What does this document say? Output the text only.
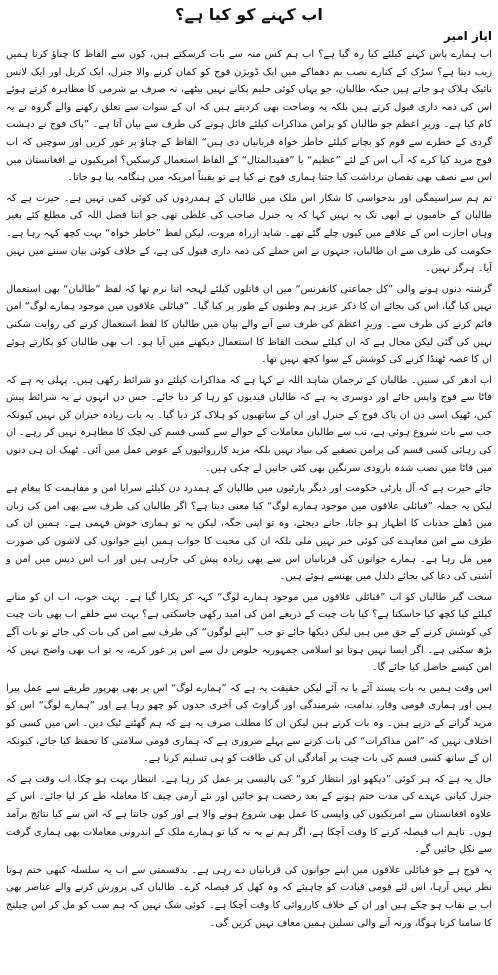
اب کہنے کو کیا ہے؟
ایاز امیر

اب ہمارے پاس کہنے کیلئے کیا رہ گیا ہے؟ اب ہم کس منہ سے بات کرسکتے ہیں، کون سے الفاظ کا چناؤ کرنا ہمیں زیب دیتا ہے؟ سڑک کے کنارے نصب بم دھماکے میں ایک ڈویژن فوج کو کمان کرنے والا جنرل، ایک کرنل اور ایک لانس نائیک ہلاک ہو جاتے ہیں جبکہ طالبان، جو یہاں کوئی حلیم پکانے نہیں بیٹھے، نہ صرف بے شرمی کا مظاہرہ کرتے ہوئے اس کی ذمہ داری قبول کرتے ہیں بلکہ یہ وضاحت بھی کردیتے ہیں کہ ان کے سوات سے تعلق رکھنے والے گروہ نے یہ کام کیا ہے۔ وزیرِ اعظم جو طالبان کو پرامن مذاکرات کیلئے قائل ہونے کی طرف سے بیان آتا ہے۔ ”پاک فوج نے دہشت گردی کے خطرے سے قوم کو بچانے کیلئے خاطر خواہ قربانیاں دی ہیں“ الفاظ کے چناؤ پر غور کریں اور سوچیں کہ اب فوج مزید کیا کرے کہ آپ اس کے لئے ”عظیم“ یا ”فقیدالمثال“ کے الفاظ استعمال کرسکیں؟ امریکیوں نے افغانستان میں اس سے نصف بھی نقصان برداشت کیا جتنا ہماری فوج نے کیا ہے تو یقیناً امریکہ میں ہنگامہ بپا ہو جاتا۔

تم ہم سراسیمگی اور بدحواسی کا شکار اس ملک میں طالبان کے ہمدردوں کی کوئی کمی نہیں ہے۔ حیرت ہے کہ طالبان کے حامیوں نے ابھی تک یہ نہیں کہا کہ یہ جنرل صاحب کی غلطی تھی جو اتنا فضل اللہ کی مطلع کئے بغیر وہاں اجازت اس کے علاقے میں کیوں چلے گئے تھے۔ شاید ازراہ مروت، لیکن لفظ ”خاطر خواہ“ بہت کچھ کہہ رہا ہے۔ حکومت کی طرف سے ان طالبان، جنہوں نے اس حملے کی ذمہ داری قبول کی ہے، کے خلاف کوئی بیان سننے میں نہیں آیا۔ ہرگز نہیں۔

گزشتہ دنوں ہونے والی ”کل جماعتی کانفرنس“ میں ان قاتلوں کیلئے لہجہ اتنا نرم تھا کہ لفظ ”طالبان“ بھی استعمال نہیں کیا گیا، اس کی بجائے ان کا ذکر عزیز ہم وطنوں کے طور پر کیا گیا۔ ”قبائلی علاقوں میں موجود ہمارے لوگ“ امن قائم کرنے کی طرف سے۔ وزیرِ اعظم کی طرف سے آنے والے بیان میں طالبان کا لفظ استعمال کرنے کی روایت شکنی نہیں کی گئی لیکن مجال ہے کہ ان کیلئے سخت الفاظ کا استعمال دیکھنے میں آیا ہو۔ اب بھی طالبان کو پکارتے ہوئے ان کا غصہ ٹھنڈا کرنے کی کوشش کے سوا کچھ نہیں تھا۔

اب ادھر کی سنیں۔ طالبان کے ترجمان شاہد اللہ نے کہا ہے کہ مذاکرات کیلئے دو شرائط رکھی ہیں۔ پہلی یہ ہے کہ فاٹا سے فوج واپس جائے اور دوسری یہ ہے کہ طالبان قیدیوں کو رہا کر دیا جائے۔ جس دن انہوں نے یہ شرائط پیش کیں، ٹھیک اسی دن ان پاک فوج کے جنرل اور ان کے ساتھیوں کو ہلاک کر دیا گیا۔ یہ بات زیادہ حیران کن نہیں کیونکہ جب سے بات شروع ہوئی ہے، تب سے طالبان معاملات کے حوالے سے کسی قسم کی لچک کا مظاہرہ نہیں کر رہے۔ ان کی رہائی کسی قسم کی پرامن تصفیے کی بنیاد نہیں بلکہ مزید کارروائیوں کے عوض عمل میں آئی۔ ٹھیک ان ہی دنوں میں فاٹا میں نصب شدہ بارودی سرنگیں بھی کئی جانیں لے چکی ہیں۔

جائے حیرت ہے کہ آل پارٹی حکومت اور دیگر پارٹیوں میں طالبان کے ہمدرد دن کیلئے سراپا امن و مفاہمت کا پیغام ہے لیکن یہ جملہ ”قبائلی علاقوں میں موجود ہمارے لوگ“ کیا معنی دیتا ہے؟ اگر طالبان کی طرف سے بھی امن کی زبان میں ڈھلے جذبات کا اظہار ہو جاتا، جانے دیجئے، وہ تو اپنی جگہ، لیکن یہ تو ہماری خوش فہمی ہے۔ ہمیں ان کی طرف سے امن معاہدے کی کوئی خبر نہیں ملی بلکہ ان کی محبت کا جواب ہمیں اپنے جوانوں کی لاشوں کی صورت میں مل رہا ہے۔ ہمارے جوانوں کی قربانیاں اس سے بھی زیادہ پیش کی جارہی ہیں اور اب اس دیس میں امن و آشتی کی دعا کی بجائے دلدل میں پھنسے ہوئے ہیں۔

سخت گیر طالبان کو اب ”قبائلی علاقوں میں موجود ہمارے لوگ“ کہہ کر پکارا گیا ہے۔ بہت خوب، اب ان کو منانے کیلئے کیا کچھ کیا جاسکتا ہے؟ کیا بات چیت کے ذریعے امن کی امید رکھی جاسکتی ہے؟ بہت سے حلقے اب بھی بات چیت کی کوشش کرنے کے حق میں ہیں لیکن دیکھا جائے تو جب ”اپنے لوگوں“ کی طرف سے امن کی بات کی جائے تو بات آگے بڑھ سکتی ہے۔ اگر ایسا نہیں ہوتا تو اسلامی جمہوریہ خلوص دل سے اس پر غور کرے، یہ تو اب بھی واضح نہیں کہ امن کیسے حاصل کیا جائے گا۔

اس وقت ہمیں یہ بات پسند آئے یا نہ آئے لیکن حقیقت یہ ہے کہ ”ہمارے لوگ“ اس پر بھی بھرپور طریقے سے عمل پیرا ہیں اور ہماری قومی وقار، ندامت، شرمندگی اور گراوٹ کی آخری حدوں کو چھو رہا ہے اور ”ہمارے لوگ“ اس کو مزید گرانے کے درپے ہیں۔ وہ بات کرتے ہیں لیکن ان کا مطلب صرف یہ ہے کہ ہم گھٹنے ٹیک دیں۔ اس میں کسی کو اختلاف نہیں کہ ”امن مذاکرات“ کی بات کرنے سے پہلے ضروری ہے کہ ہماری قومی سلامتی کا تحفظ کیا جائے، کیونکہ ان کے ساتھ کسی قسم کی بات چیت پر آمادگی ان کی طاقت کو ہی تسلیم کرنا ہے۔

حال یہ ہے کہ ہر کوئی ”دیکھو اور انتظار کرو“ کی پالیسی پر عمل کر رہا ہے۔ انتظار بہت ہو چکا، اب وقت ہے کہ جنرل کیانی عہدے کی مدت ختم ہونے کے بعد رخصت ہو جائیں اور نئے آرمی چیف کا معاملہ طے کر لیا جائے۔ اس کے علاوہ افغانستان سے امریکیوں کی واپسی کا عمل بھی شروع ہونے والا ہے اور کون جانتا ہے کہ اس سے کیا نتائج برآمد ہوں۔ تاہم اب فیصلہ کرنے کا وقت آچکا ہے، اگر ہم نے یہ نہ کیا تو ہمارے ملک کے اندرونی معاملات بھی ہماری گرفت سے نکل جائیں گے۔

یہ فوج ہے جو قبائلی علاقوں میں اپنے جوانوں کی قربانیاں دے رہی ہے۔ بدقسمتی سے اب یہ سلسلہ کبھی ختم ہوتا نظر نہیں آرہا، اس لئے قومی قیادت کو چاہیئے کہ وہ کھل کر فیصلہ کرے۔ طالبان کی پرورش کرنے والے عناصر بھی اب بے نقاب ہو چکے ہیں اور ان کے خلاف کارروائی کا وقت آچکا ہے۔ کوئی شک نہیں کہ ہم سب کو مل کر اس چیلنج کا سامنا کرنا ہوگا، ورنہ آنے والی نسلیں ہمیں معاف نہیں کریں گی۔
